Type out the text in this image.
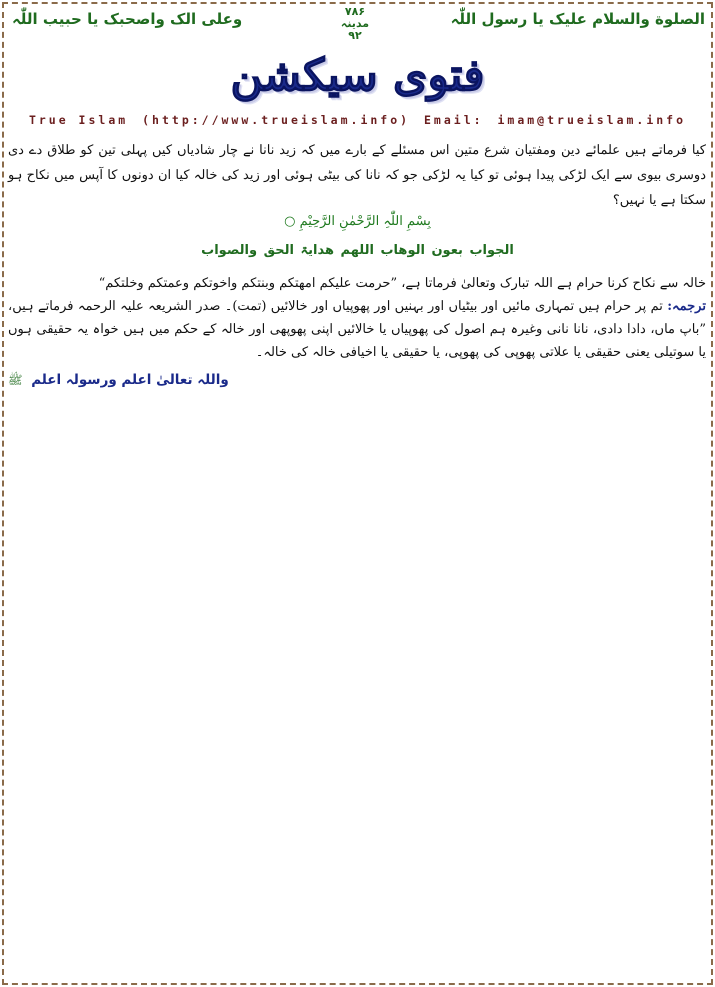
الصلوة والسلام علیک یا رسول اللّٰہ
۷۸۶
مدینہ
۹۲
وعلی الک واصحبک یا حبیب اللّٰہ
فتوی سیکشن
True Islam (http://www.trueislam.info) Email: imam@trueislam.info
کیا فرماتے ہیں علمائے دین ومفتیان شرع متین اس مسئلے کے بارے میں کہ زید نانا نے چار شادیاں کیں پہلی تین کو طلاق دے دی دوسری بیوی سے ایک لڑکی پیدا ہوئی تو کیا یہ لڑکی جو کہ نانا کی بیٹی ہوئی اور زید کی خالہ کیا ان دونوں کا آپس میں نکاح ہو سکتا ہے یا نہیں؟
بِسْمِ اللّٰہِ الرَّحْمٰنِ الرَّحِیْمِ ○
الجواب بعون الوھاب اللھم ھدایۃ الحق والصواب
خالہ سے نکاح کرنا حرام ہے اللہ تبارک وتعالیٰ فرماتا ہے، ”حرمت علیکم امھتکم وبنتکم واخوتکم وعمتکم وخلتکم“
ترجمہ: تم پر حرام ہیں تمہاری مائیں اور بیٹیاں اور بہنیں اور پھوپیاں اور خالائیں (تمت)۔ صدر الشریعہ علیہ الرحمہ فرماتے ہیں، ”باپ ماں، دادا دادی، نانا نانی وغیرہ ہم اصول کی پھوپیاں یا خالائیں اپنی پھوپھی اور خالہ کے حکم میں ہیں خواہ یہ حقیقی ہوں یا سوتیلی یعنی حقیقی یا علاتی پھوپی کی پھوپی، یا حقیقی یا اخیافی خالہ کی خالہ۔
واللہ تعالیٰ اعلم ورسولہ اعلم ﷺ
